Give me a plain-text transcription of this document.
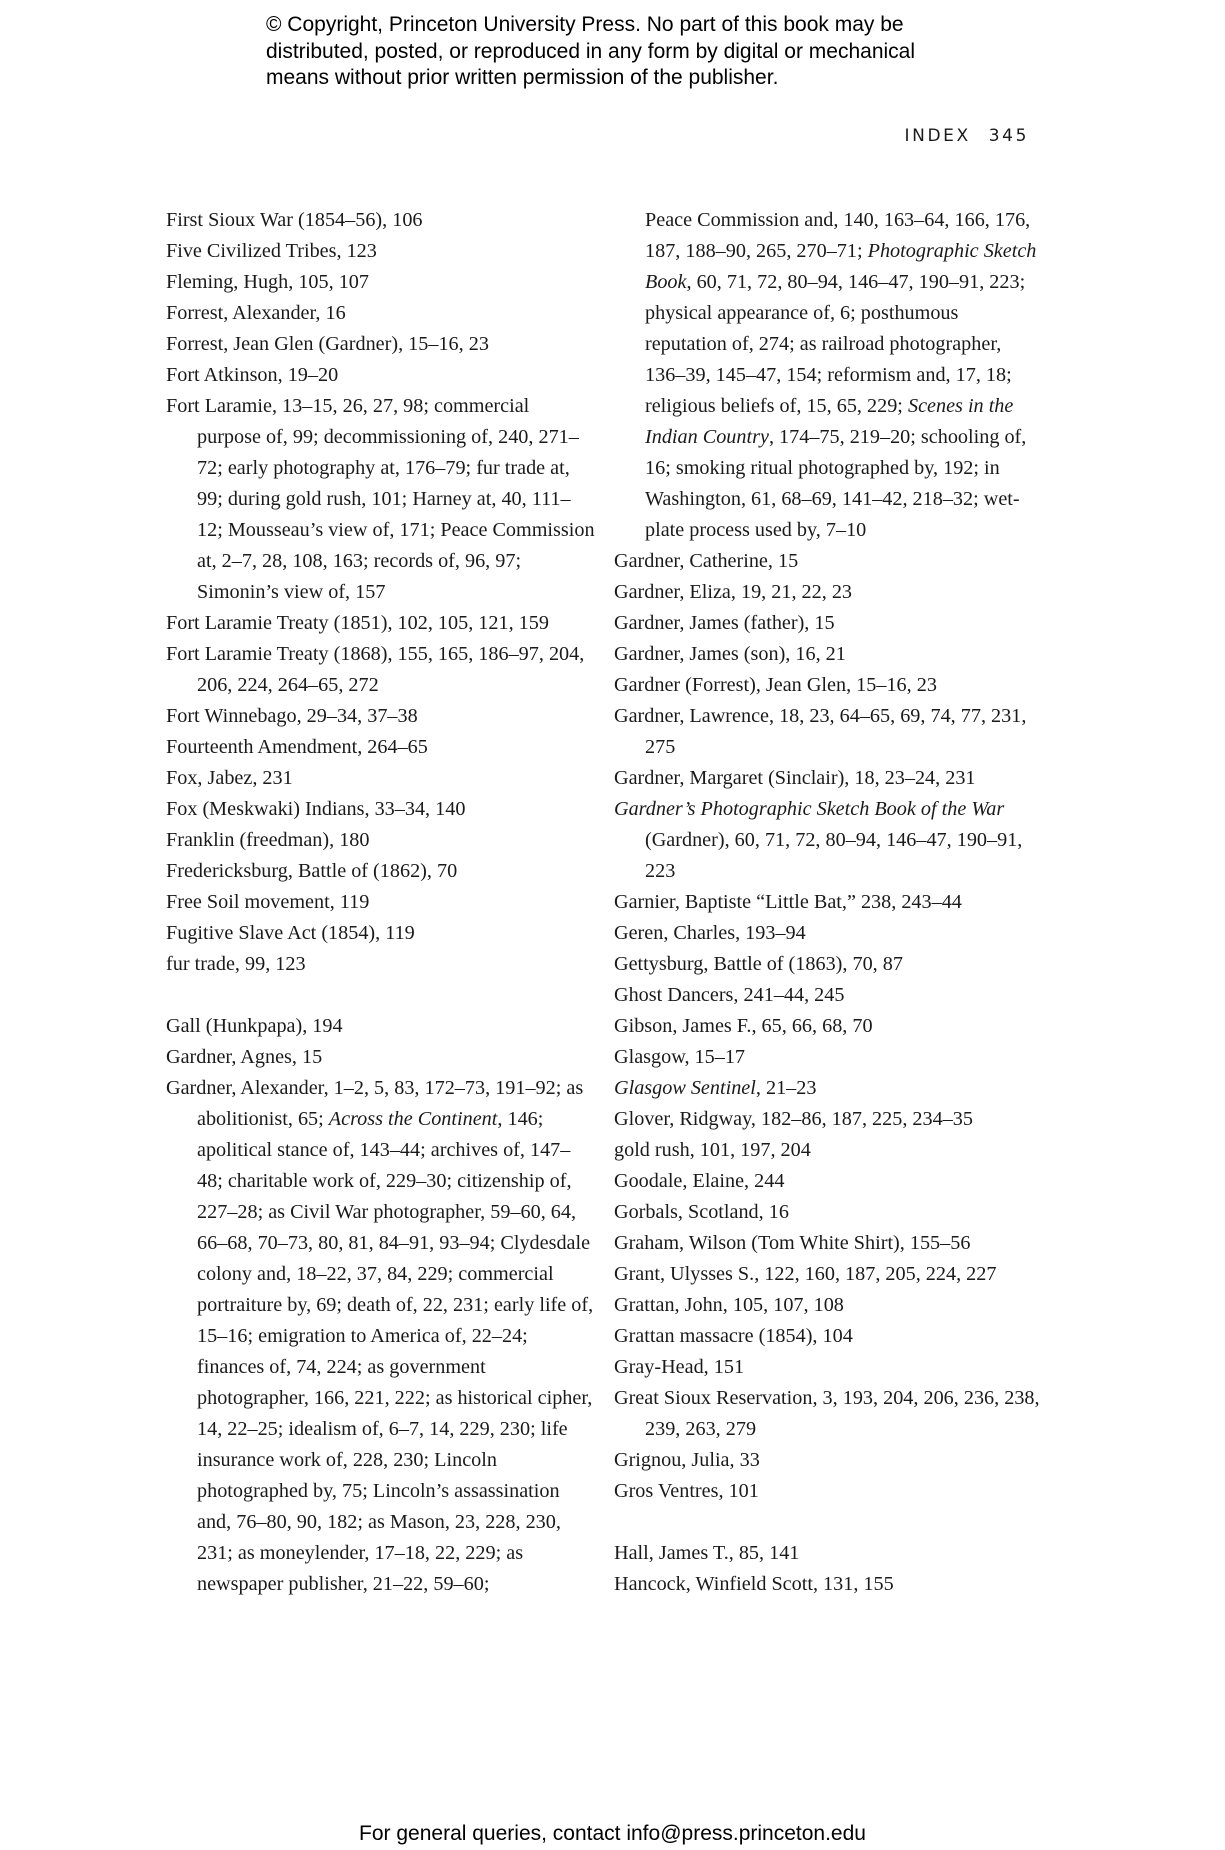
© Copyright, Princeton University Press. No part of this book may be
distributed, posted, or reproduced in any form by digital or mechanical
means without prior written permission of the publisher.
INDEX 345

First Sioux War (1854–56), 106

Five Civilized Tribes, 123

Fleming, Hugh, 105, 107

Forrest, Alexander, 16

Forrest, Jean Glen (Gardner), 15–16, 23

Fort Atkinson, 19–20

Fort Laramie, 13–15, 26, 27, 98; commercial purpose of, 99; decommissioning of, 240, 271–72; early photography at, 176–79; fur trade at, 99; during gold rush, 101; Harney at, 40, 111–12; Mousseau’s view of, 171; Peace Commission at, 2–7, 28, 108, 163; records of, 96, 97; Simonin’s view of, 157

Fort Laramie Treaty (1851), 102, 105, 121, 159

Fort Laramie Treaty (1868), 155, 165, 186–97, 204, 206, 224, 264–65, 272

Fort Winnebago, 29–34, 37–38

Fourteenth Amendment, 264–65

Fox, Jabez, 231

Fox (Meskwaki) Indians, 33–34, 140

Franklin (freedman), 180

Fredericksburg, Battle of (1862), 70

Free Soil movement, 119

Fugitive Slave Act (1854), 119

fur trade, 99, 123

Gall (Hunkpapa), 194

Gardner, Agnes, 15

Gardner, Alexander, 1–2, 5, 83, 172–73, 191–92; as abolitionist, 65; Across the Continent, 146; apolitical stance of, 143–44; archives of, 147–48; charitable work of, 229–30; citizenship of, 227–28; as Civil War photographer, 59–60, 64, 66–68, 70–73, 80, 81, 84–91, 93–94; Clydesdale colony and, 18–22, 37, 84, 229; commercial portraiture by, 69; death of, 22, 231; early life of, 15–16; emigration to America of, 22–24; finances of, 74, 224; as government photographer, 166, 221, 222; as historical cipher, 14, 22–25; idealism of, 6–7, 14, 229, 230; life insurance work of, 228, 230; Lincoln photographed by, 75; Lincoln’s assassination and, 76–80, 90, 182; as Mason, 23, 228, 230, 231; as moneylender, 17–18, 22, 229; as newspaper publisher, 21–22, 59–60;

Peace Commission and, 140, 163–64, 166, 176, 187, 188–90, 265, 270–71; Photographic Sketch Book, 60, 71, 72, 80–94, 146–47, 190–91, 223; physical appearance of, 6; posthumous reputation of, 274; as railroad photographer, 136–39, 145–47, 154; reformism and, 17, 18; religious beliefs of, 15, 65, 229; Scenes in the Indian Country, 174–75, 219–20; schooling of, 16; smoking ritual photographed by, 192; in Washington, 61, 68–69, 141–42, 218–32; wet-plate process used by, 7–10

Gardner, Catherine, 15

Gardner, Eliza, 19, 21, 22, 23

Gardner, James (father), 15

Gardner, James (son), 16, 21

Gardner (Forrest), Jean Glen, 15–16, 23

Gardner, Lawrence, 18, 23, 64–65, 69, 74, 77, 231, 275

Gardner, Margaret (Sinclair), 18, 23–24, 231

Gardner’s Photographic Sketch Book of the War (Gardner), 60, 71, 72, 80–94, 146–47, 190–91, 223

Garnier, Baptiste “Little Bat,” 238, 243–44

Geren, Charles, 193–94

Gettysburg, Battle of (1863), 70, 87

Ghost Dancers, 241–44, 245

Gibson, James F., 65, 66, 68, 70

Glasgow, 15–17

Glasgow Sentinel, 21–23

Glover, Ridgway, 182–86, 187, 225, 234–35

gold rush, 101, 197, 204

Goodale, Elaine, 244

Gorbals, Scotland, 16

Graham, Wilson (Tom White Shirt), 155–56

Grant, Ulysses S., 122, 160, 187, 205, 224, 227

Grattan, John, 105, 107, 108

Grattan massacre (1854), 104

Gray-Head, 151

Great Sioux Reservation, 3, 193, 204, 206, 236, 238, 239, 263, 279

Grignou, Julia, 33

Gros Ventres, 101

Hall, James T., 85, 141

Hancock, Winfield Scott, 131, 155

For general queries, contact info@press.princeton.edu
